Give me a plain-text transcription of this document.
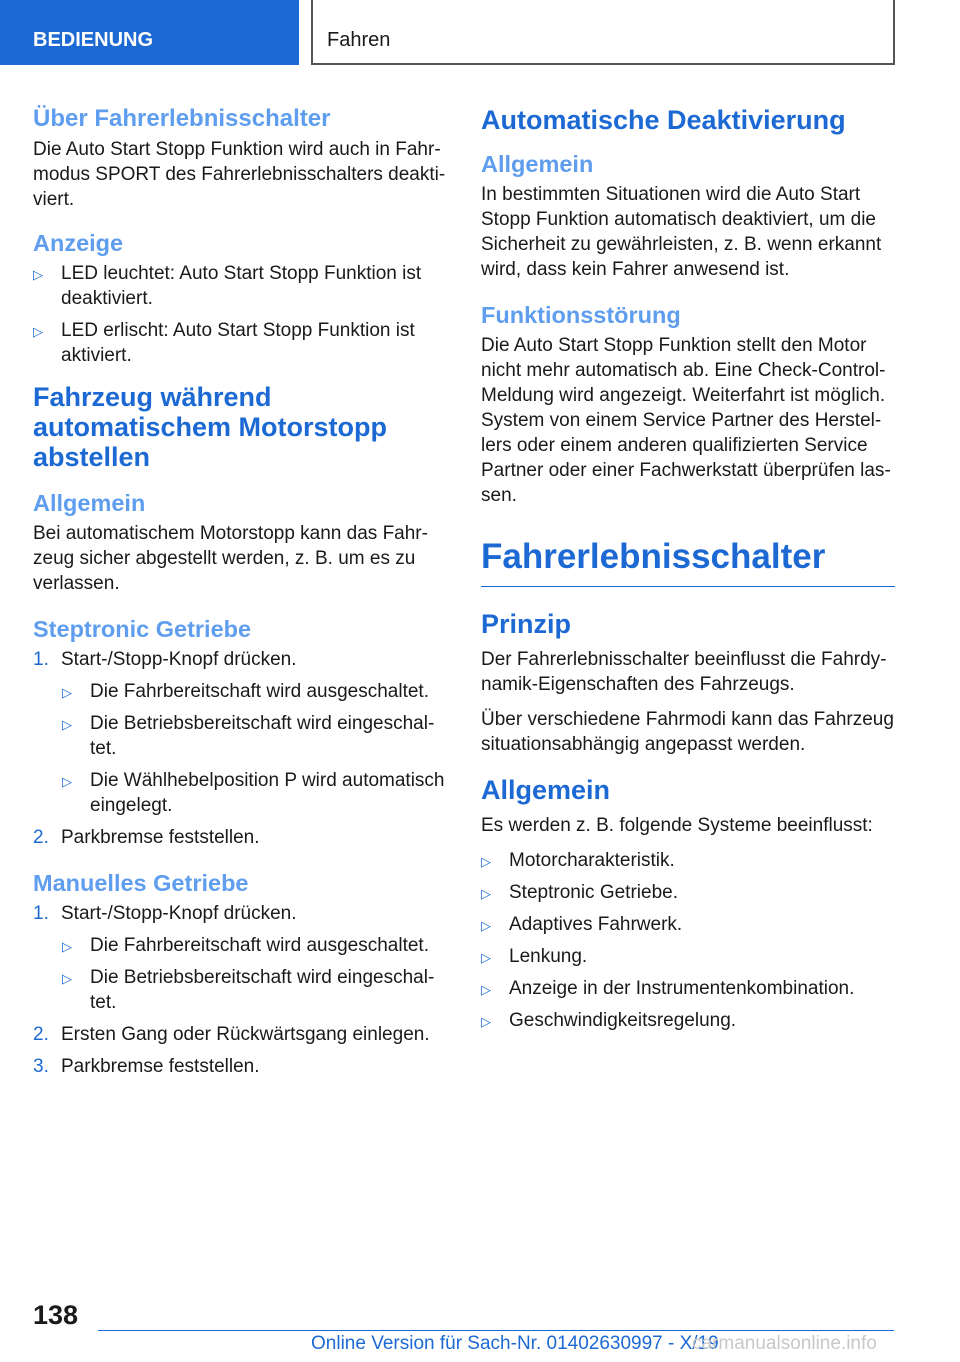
BEDIENUNG	Fahren
Über Fahrerlebnisschalter

Die Auto Start Stopp Funktion wird auch in Fahrmodus SPORT des Fahrerlebnisschalters deaktiviert.

Anzeige
▷ LED leuchtet: Auto Start Stopp Funktion ist deaktiviert.
▷ LED erlischt: Auto Start Stopp Funktion ist aktiviert.
Fahrzeug während automatischem Motorstopp abstellen
Allgemein

Bei automatischem Motorstopp kann das Fahrzeug sicher abgestellt werden, z. B. um es zu verlassen.

Steptronic Getriebe
1. Start-/Stopp-Knopf drücken.
▷ Die Fahrbereitschaft wird ausgeschaltet.
▷ Die Betriebsbereitschaft wird eingeschaltet.
▷ Die Wählhebelposition P wird automatisch eingelegt.
2. Parkbremse feststellen.
Manuelles Getriebe
1. Start-/Stopp-Knopf drücken.
▷ Die Fahrbereitschaft wird ausgeschaltet.
▷ Die Betriebsbereitschaft wird eingeschaltet.
2. Ersten Gang oder Rückwärtsgang einlegen.
3. Parkbremse feststellen.
Automatische Deaktivierung
Allgemein

In bestimmten Situationen wird die Auto Start Stopp Funktion automatisch deaktiviert, um die Sicherheit zu gewährleisten, z. B. wenn erkannt wird, dass kein Fahrer anwesend ist.

Funktionsstörung

Die Auto Start Stopp Funktion stellt den Motor nicht mehr automatisch ab. Eine Check-Control-Meldung wird angezeigt. Weiterfahrt ist möglich. System von einem Service Partner des Herstellers oder einem anderen qualifizierten Service Partner oder einer Fachwerkstatt überprüfen lassen.

Fahrerlebnisschalter
Prinzip

Der Fahrerlebnisschalter beeinflusst die Fahrdynamik-Eigenschaften des Fahrzeugs.

Über verschiedene Fahrmodi kann das Fahrzeug situationsabhängig angepasst werden.

Allgemein

Es werden z. B. folgende Systeme beeinflusst:

▷ Motorcharakteristik.
▷ Steptronic Getriebe.
▷ Adaptives Fahrwerk.
▷ Lenkung.
▷ Anzeige in der Instrumentenkombination.
▷ Geschwindigkeitsregelung.
138
Online Version für Sach-Nr. 01402630997 - X/19
carmanualsonline.info
